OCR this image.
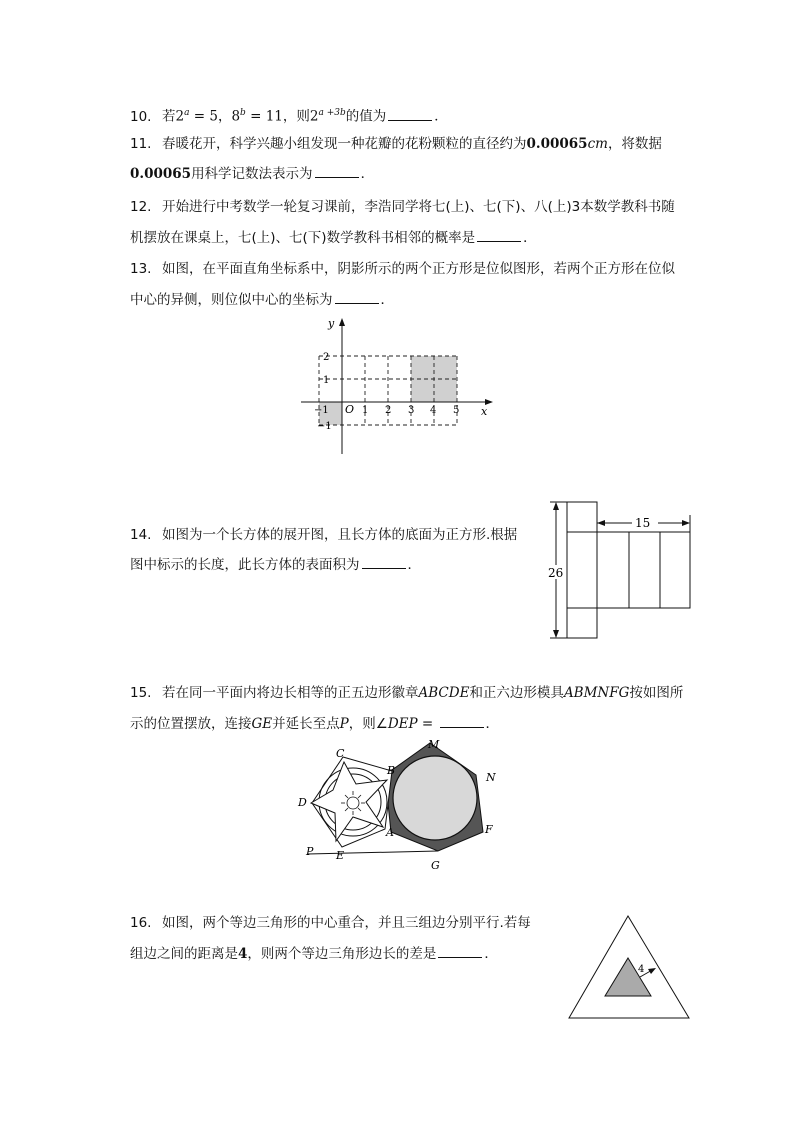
10. 若$2^a = 5$，$8^b = 11$，则$2^{a +3b}$的值为	．
11. 春暖花开，科学兴趣小组发现一种花瓣的花粉颗粒的直径约为0.00065cm，将数据
0.00065用科学记数法表示为	．
12. 开始进行中考数学一轮复习课前，李浩同学将七(上)、七(下)、八(上)3本数学教科书随
机摆放在课桌上，七(上)、七(下)数学教科书相邻的概率是	．
13. 如图，在平面直角坐标系中，阴影所示的两个正方形是位似图形，若两个正方形在位似
中心的异侧，则位似中心的坐标为	．
x
y
O
−1	1 2 3 4 5
2
1
−1
14. 如图为一个长方体的展开图，且长方体的底面为正方形.根据
图中标示的长度，此长方体的表面积为	．
15
26
15. 若在同一平面内将边长相等的正五边形徽章ABCDE和正六边形模具ABMNFG按如图所
示的位置摆放，连接GE并延长至点P，则∠DEP =	．
A
B
C
D
E
M
N
F
G
P
16. 如图，两个等边三角形的中心重合，并且三组边分别平行.若每
组边之间的距离是4，则两个等边三角形边长的差是	．
4
